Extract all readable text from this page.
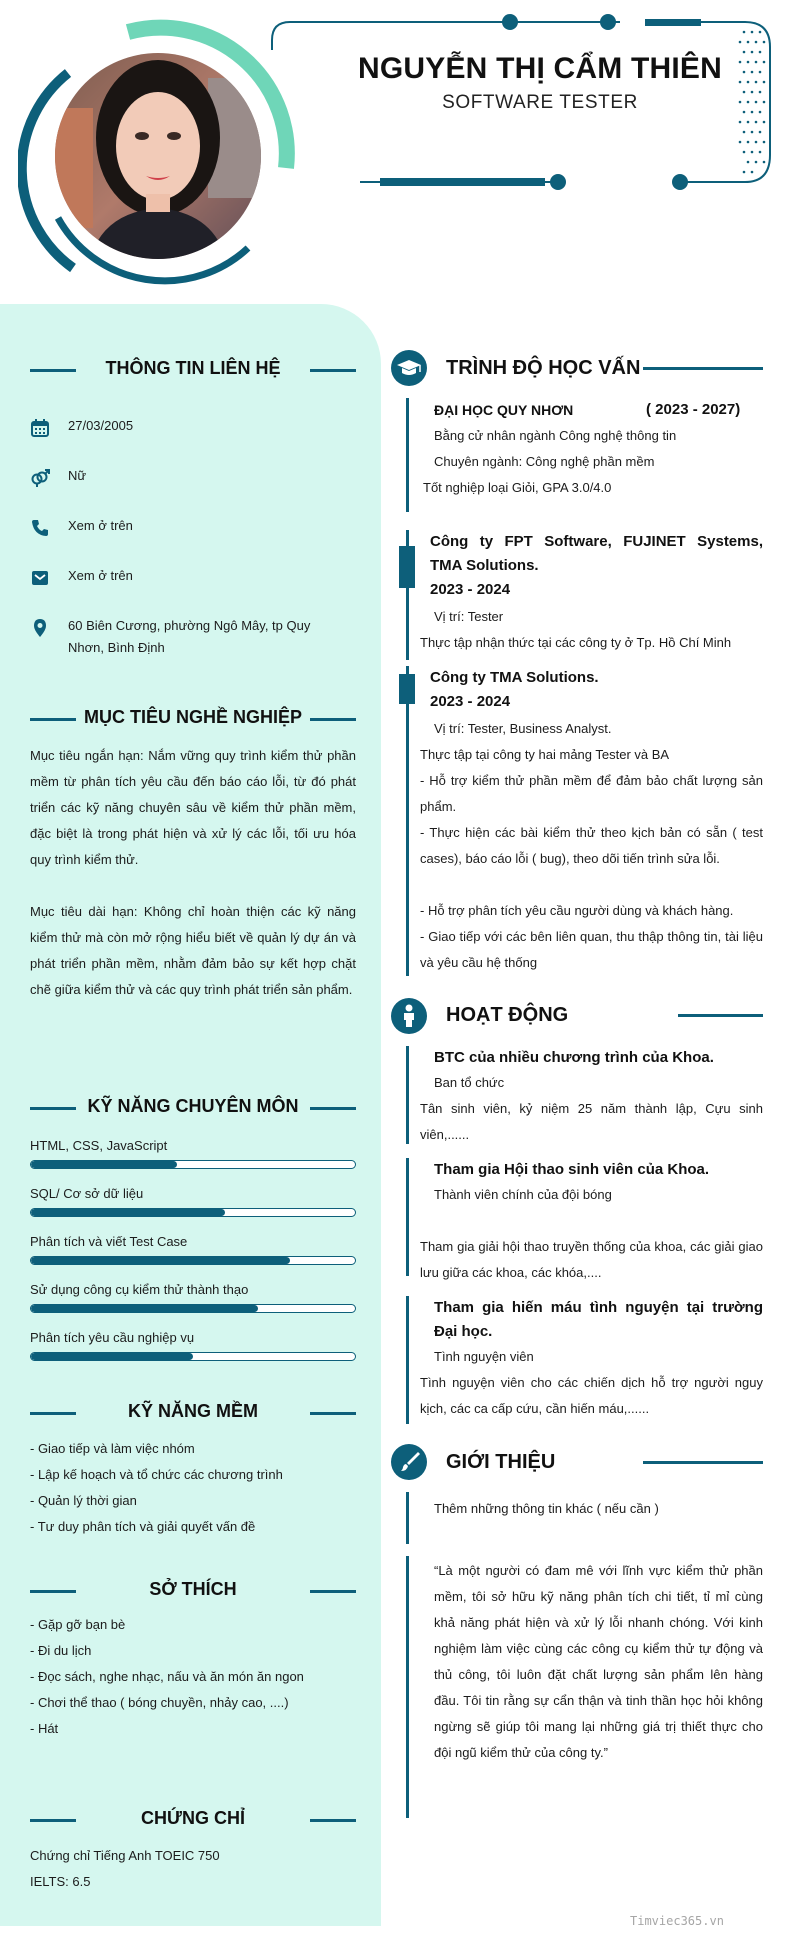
NGUYỄN THỊ CẨM THIÊN
SOFTWARE TESTER
THÔNG TIN LIÊN HỆ
27/03/2005
Nữ
Xem ở trên
Xem ở trên
60 Biên Cương, phường Ngô Mây, tp Quy Nhơn, Bình Định
MỤC TIÊU NGHỀ NGHIỆP
Mục tiêu ngắn hạn: Nắm vững quy trình kiểm thử phần mềm từ phân tích yêu cầu đến báo cáo lỗi, từ đó phát triển các kỹ năng chuyên sâu về kiểm thử phần mềm, đặc biệt là trong phát hiện và xử lý các lỗi, tối ưu hóa quy trình kiểm thử.
Mục tiêu dài hạn: Không chỉ hoàn thiện các kỹ năng kiểm thử mà còn mở rộng hiểu biết về quản lý dự án và phát triển phần mềm, nhằm đảm bảo sự kết hợp chặt chẽ giữa kiểm thử và các quy trình phát triển sản phẩm.
KỸ NĂNG CHUYÊN MÔN
HTML, CSS, JavaScript
SQL/ Cơ sở dữ liệu
Phân tích và viết Test Case
Sử dụng công cụ kiểm thử thành thạo
Phân tích yêu cầu nghiệp vụ
KỸ NĂNG MỀM
- Giao tiếp và làm việc nhóm
- Lập kế hoạch và tổ chức các chương trình
- Quản lý thời gian
- Tư duy phân tích và giải quyết vấn đề
SỞ THÍCH
- Gặp gỡ bạn bè
- Đi du lịch
- Đọc sách, nghe nhạc, nấu và ăn món ăn ngon
- Chơi thể thao ( bóng chuyền, nhảy cao, ....)
- Hát
CHỨNG CHỈ
Chứng chỉ Tiếng Anh TOEIC 750
IELTS: 6.5
TRÌNH ĐỘ HỌC VẤN
ĐẠI HỌC QUY NHƠN	( 2023 - 2027)
Bằng cử nhân ngành Công nghệ thông tin
Chuyên ngành: Công nghệ phần mềm
Tốt nghiệp loại Giỏi, GPA 3.0/4.0
Công ty FPT Software, FUJINET Systems, TMA Solutions.
2023 - 2024
Vị trí: Tester
Thực tập nhận thức tại các công ty ở Tp. Hồ Chí Minh
Công ty TMA Solutions.
2023 - 2024
Vị trí: Tester, Business Analyst.
Thực tập tại công ty hai mảng Tester và BA
- Hỗ trợ kiểm thử phần mềm để đảm bảo chất lượng sản phẩm.
- Thực hiện các bài kiểm thử theo kịch bản có sẵn ( test cases), báo cáo lỗi ( bug), theo dõi tiến trình sửa lỗi.
- Hỗ trợ phân tích yêu cầu người dùng và khách hàng.
- Giao tiếp với các bên liên quan, thu thập thông tin, tài liệu và yêu cầu hệ thống
HOẠT ĐỘNG
BTC của nhiều chương trình của Khoa.
Ban tổ chức
Tân sinh viên, kỷ niệm 25 năm thành lập, Cựu sinh viên,......
Tham gia Hội thao sinh viên của Khoa.
Thành viên chính của đội bóng
Tham gia giải hội thao truyền thống của khoa, các giải giao lưu giữa các khoa, các khóa,....
Tham gia hiến máu tình nguyện tại trường Đại học.
Tình nguyện viên
Tình nguyện viên cho các chiến dịch hỗ trợ người nguy kịch, các ca cấp cứu, cần hiến máu,......
GIỚI THIỆU
Thêm những thông tin khác ( nếu cần )
“Là một người có đam mê với lĩnh vực kiểm thử phần mềm, tôi sở hữu kỹ năng phân tích chi tiết, tỉ mỉ cùng khả năng phát hiện và xử lý lỗi nhanh chóng. Với kinh nghiệm làm việc cùng các công cụ kiểm thử tự động và thủ công, tôi luôn đặt chất lượng sản phẩm lên hàng đầu. Tôi tin rằng sự cẩn thận và tinh thần học hỏi không ngừng sẽ giúp tôi mang lại những giá trị thiết thực cho đội ngũ kiểm thử của công ty.”
Timviec365.vn
